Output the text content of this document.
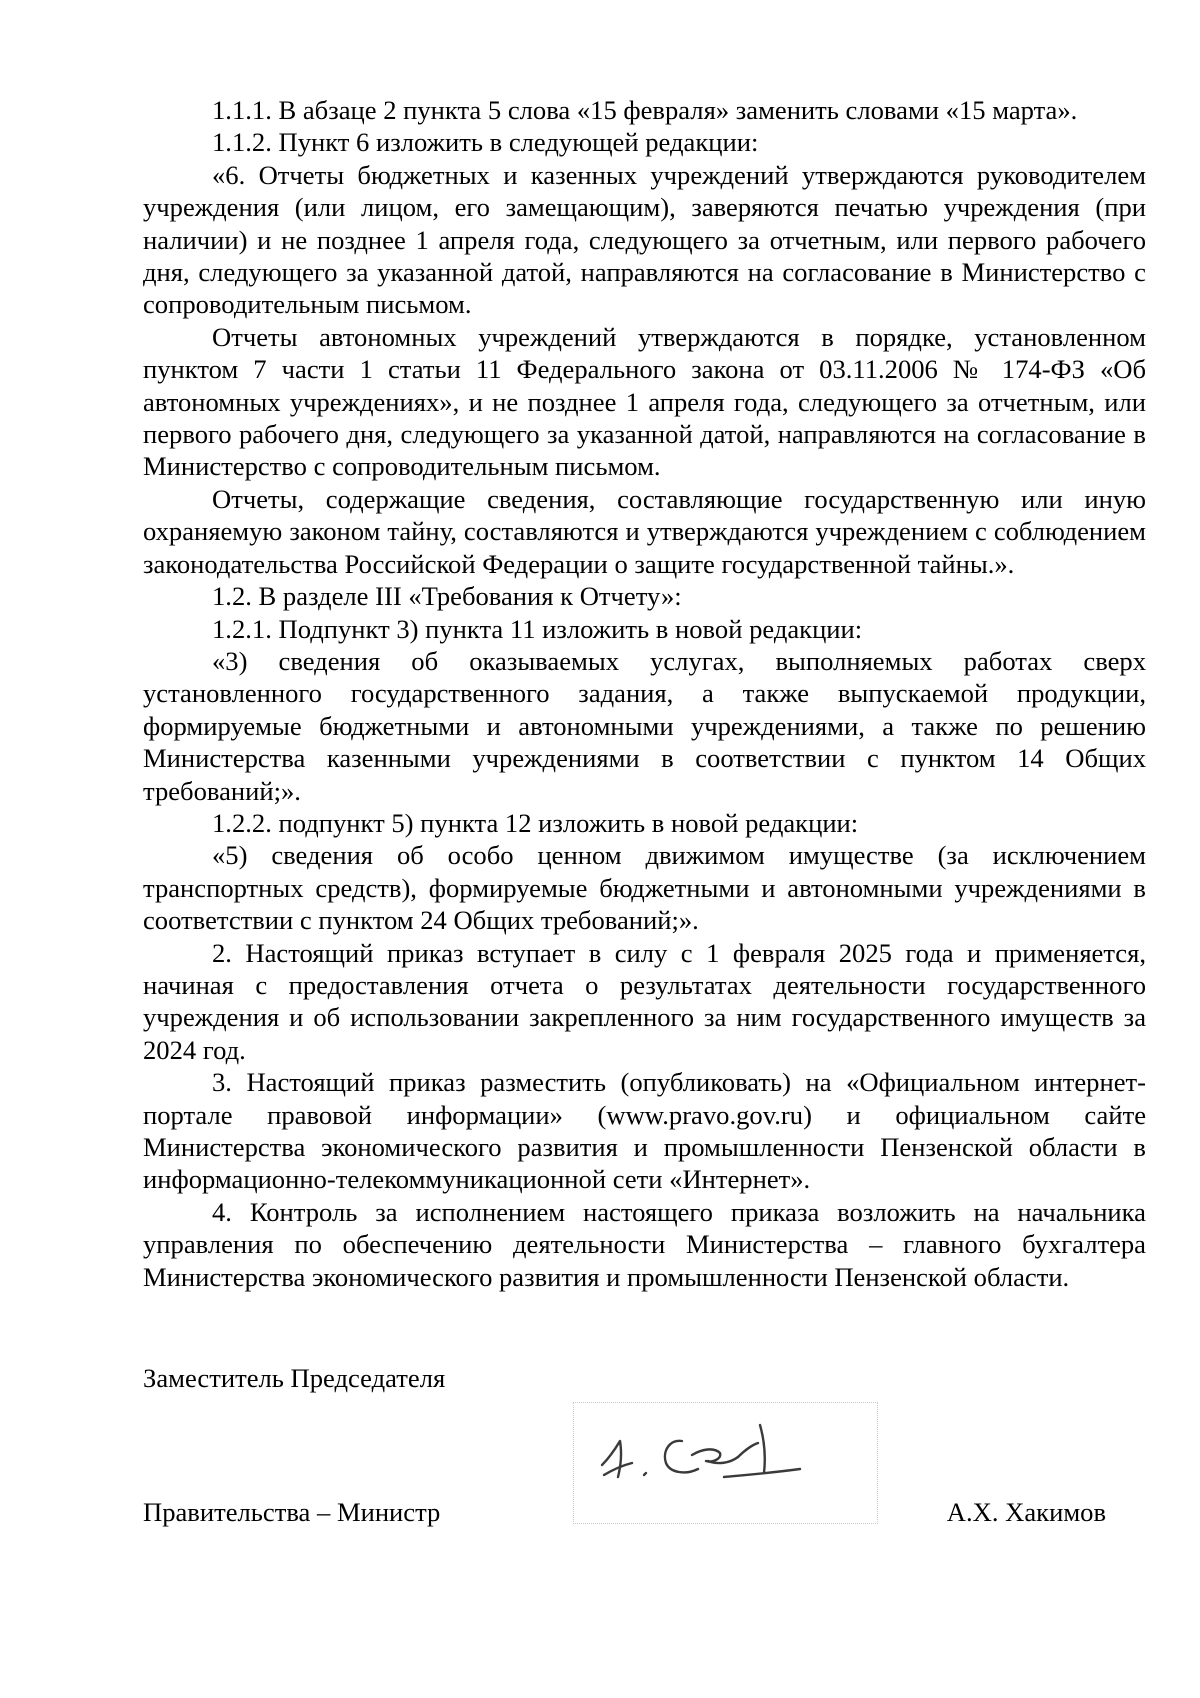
1.1.1. В абзаце 2 пункта 5 слова «15 февраля» заменить словами «15 марта».

1.1.2. Пункт 6 изложить в следующей редакции:

«6. Отчеты бюджетных и казенных учреждений утверждаются руководителем учреждения (или лицом, его замещающим), заверяются печатью учреждения (при наличии) и не позднее 1 апреля года, следующего за отчетным, или первого рабочего дня, следующего за указанной датой, направляются на согласование в Министерство с сопроводительным письмом.

Отчеты автономных учреждений утверждаются в порядке, установленном пунктом 7 части 1 статьи 11 Федерального закона от 03.11.2006 № 174-ФЗ «Об автономных учреждениях», и не позднее 1 апреля года, следующего за отчетным, или первого рабочего дня, следующего за указанной датой, направляются на согласование в Министерство с сопроводительным письмом.

Отчеты, содержащие сведения, составляющие государственную или иную охраняемую законом тайну, составляются и утверждаются учреждением с соблюдением законодательства Российской Федерации о защите государственной тайны.».

1.2. В разделе III «Требования к Отчету»:

1.2.1. Подпункт 3) пункта 11 изложить в новой редакции:

«3) сведения об оказываемых услугах, выполняемых работах сверх установленного государственного задания, а также выпускаемой продукции, формируемые бюджетными и автономными учреждениями, а также по решению Министерства казенными учреждениями в соответствии с пунктом 14 Общих требований;».

1.2.2. подпункт 5) пункта 12 изложить в новой редакции:

«5) сведения об особо ценном движимом имуществе (за исключением транспортных средств), формируемые бюджетными и автономными учреждениями в соответствии с пунктом 24 Общих требований;».

2. Настоящий приказ вступает в силу с 1 февраля 2025 года и применяется, начиная с предоставления отчета о результатах деятельности государственного учреждения и об использовании закрепленного за ним государственного имуществ за 2024 год.

3. Настоящий приказ разместить (опубликовать) на «Официальном интернет-портале правовой информации» (www.pravo.gov.ru) и официальном сайте Министерства экономического развития и промышленности Пензенской области в информационно-телекоммуникационной сети «Интернет».

4. Контроль за исполнением настоящего приказа возложить на начальника управления по обеспечению деятельности Министерства – главного бухгалтера Министерства экономического развития и промышленности Пензенской области.

Заместитель Председателя
Правительства – Министр	А.Х. Хакимов
